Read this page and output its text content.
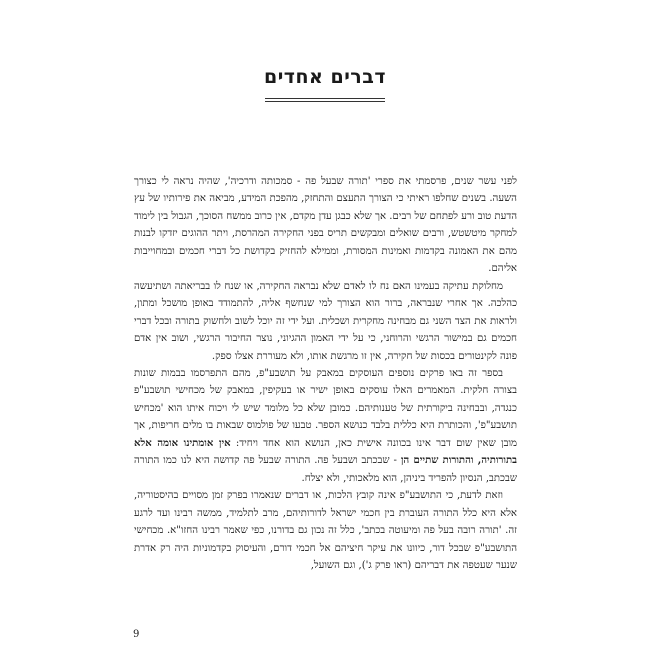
דברים אחדים

לפני עשר שנים, פרסמתי את ספרי 'תורה שבעל פה - סמכותה ודרכיה', שהיה נראה לי כצורך השעה. בשנים שחלפו ראיתי כי הצורך התעצם והתחזק, מהפכת המידע, מביאה את פירותיו של עץ הדעת טוב ורע לפתחם של רבים. אך שלא כבגן עדן מקדם, אין כרוב ממשח הסוכך, הגבול בין לימוד למחקר מיטשטש, ורבים שואלים ומבקשים תריס בפני החקירה המהרסת, ויתר ההוגים יזדקו לבנות מהם את האמונה בקדמות ואמינות המסורת, וממילא להחזיק בקדושת כל דברי חכמים ובמחוייבות אליהם.

מחלוקת עתיקה בעמינו האם נח לו לאדם שלא נבראה החקירה, או שנח לו בבריאתה ושתיעשה כהלכה. אך אחרי שנבראה, ברור הוא הצורך למי שנחשף אליה, להתמודד באופן מושכל ומתון, ולראות את הצד השני גם מבחינה מחקרית ושכלית. ועל ידי זה יוכל לשוב ולחשוק בתורה ובכל דברי חכמים גם במישור הרגשי והרוחני, כי על ידי האמון ההגיוני, נוצר החיבור הרגשי, ושוב אין אדם פונה לקינטורים בכסות של חקירה, אין זו מרגשת אותו, ולא מעוררת אצלו ספק.

בספר זה באו פרקים נוספים העוסקים במאבק על תושבע"פ, מהם התפרסמו בבמות שונות בצורה חלקית. המאמרים האלו עוסקים באופן ישיר או בעקיפין, במאבק של מכחישי תושבע"פ כנגדה, ובבחינה ביקורתית של טענותיהם. כמובן שלא כל מלומד שיש לי ויכוח איתו הוא 'מכחיש תושבע"פ', והכותרת היא כללית בלבד כנושא הספר. טבעו של פולמוס שבאות בו מלים חריפות, אך מובן שאין שום דבר אינו בכוונה אישית כאן, הנושא הוא אחד ויחיד: אין אומתינו אומה אלא בתורותיה, והתורות שתיים הן - שבכתב ושבעל פה. התורה שבעל פה קדושה היא לנו כמו התורה שבכתב, הנסיון להפריד ביניהן, הוא מלאכותי, ולא יצלח.

וזאת לדעת, כי התושבע"פ אינה קובץ הלכות, או דברים שנאמרו בפרק זמן מסויים בהיסטוריה, אלא היא כלל התורה העוברת בין חכמי ישראל לדורותיהם, מרב לתלמיד, ממשה רבינו ועד לרגע זה. 'תורה רובה בעל פה ומיעוטה בכתב', כלל זה נכון גם בדורנו, כפי שאמר רבינו החזו"א. מכחישי התושבע"פ שבכל דור, כיוונו את עיקר חיציהם אל חכמי דורם, והעיסוק בקדמוניות היה רק אדרת שנער שעטפה את דבריהם (ראו פרק ג'), וגם השועל,

9
